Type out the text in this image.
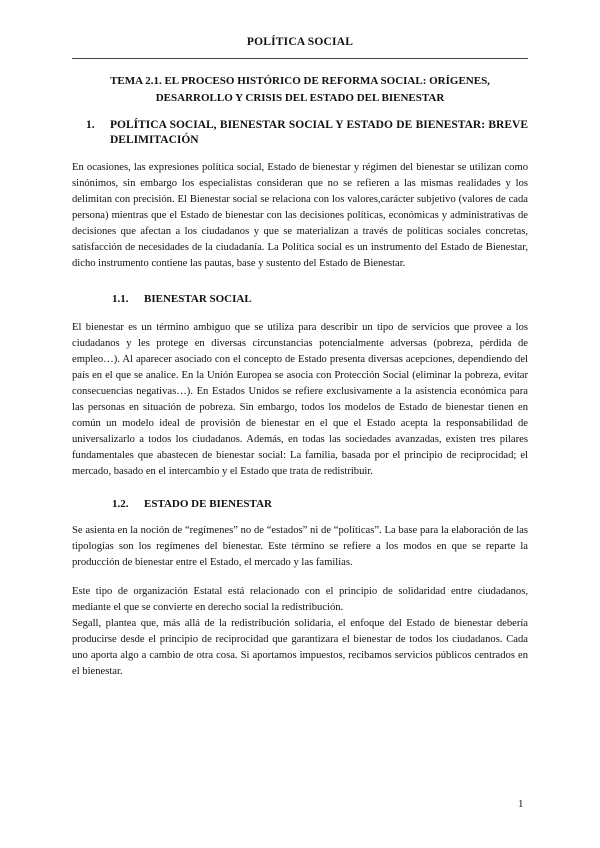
POLÍTICA SOCIAL
TEMA 2.1. EL PROCESO HISTÓRICO DE REFORMA SOCIAL: ORÍGENES,
DESARROLLO Y CRISIS DEL ESTADO DEL BIENESTAR
1.	POLÍTICA SOCIAL, BIENESTAR SOCIAL Y ESTADO DE BIENESTAR: BREVE DELIMITACIÓN

En ocasiones, las expresiones política social, Estado de bienestar y régimen del bienestar se utilizan como sinónimos, sin embargo los especialistas consideran que no se refieren a las mismas realidades y los delimitan con precisión. El Bienestar social se relaciona con los valores,carácter subjetivo (valores de cada persona) mientras que el Estado de bienestar con las decisiones políticas, económicas y administrativas de decisiones que afectan a los ciudadanos y que se materializan a través de políticas sociales concretas, satisfacción de necesidades de la ciudadanía. La Política social es un instrumento del Estado de Bienestar, dicho instrumento contiene las pautas, base y sustento del Estado de Bienestar.

1.1. BIENESTAR SOCIAL

El bienestar es un término ambiguo que se utiliza para describir un tipo de servicios que provee a los ciudadanos y les protege en diversas circunstancias potencialmente adversas (pobreza, pérdida de empleo…). Al aparecer asociado con el concepto de Estado presenta diversas acepciones, dependiendo del país en el que se analice. En la Unión Europea se asocia con Protección Social (eliminar la pobreza, evitar consecuencias negativas…). En Estados Unidos se refiere exclusivamente a la asistencia económica para las personas en situación de pobreza. Sin embargo, todos los modelos de Estado de bienestar tienen en común un modelo ideal de provisión de bienestar en el que el Estado acepta la responsabilidad de universalizarlo a todos los ciudadanos. Además, en todas las sociedades avanzadas, existen tres pilares fundamentales que abastecen de bienestar social: La familia, basada por el principio de reciprocidad; el mercado, basado en el intercambio y el Estado que trata de redistribuir.

1.2. ESTADO DE BIENESTAR

Se asienta en la noción de “regímenes” no de “estados” ni de “políticas”. La base para la elaboración de las tipologías son los regímenes del bienestar. Este término se refiere a los modos en que se reparte la producción de bienestar entre el Estado, el mercado y las familias.

Este tipo de organización Estatal está relacionado con el principio de solidaridad entre ciudadanos, mediante el que se convierte en derecho social la redistribución.

Segall, plantea que, más allá de la redistribución solidaria, el enfoque del Estado de bienestar debería producirse desde el principio de reciprocidad que garantizara el bienestar de todos los ciudadanos. Cada uno aporta algo a cambio de otra cosa. Si aportamos impuestos, recibamos servicios públicos centrados en el bienestar.

1
